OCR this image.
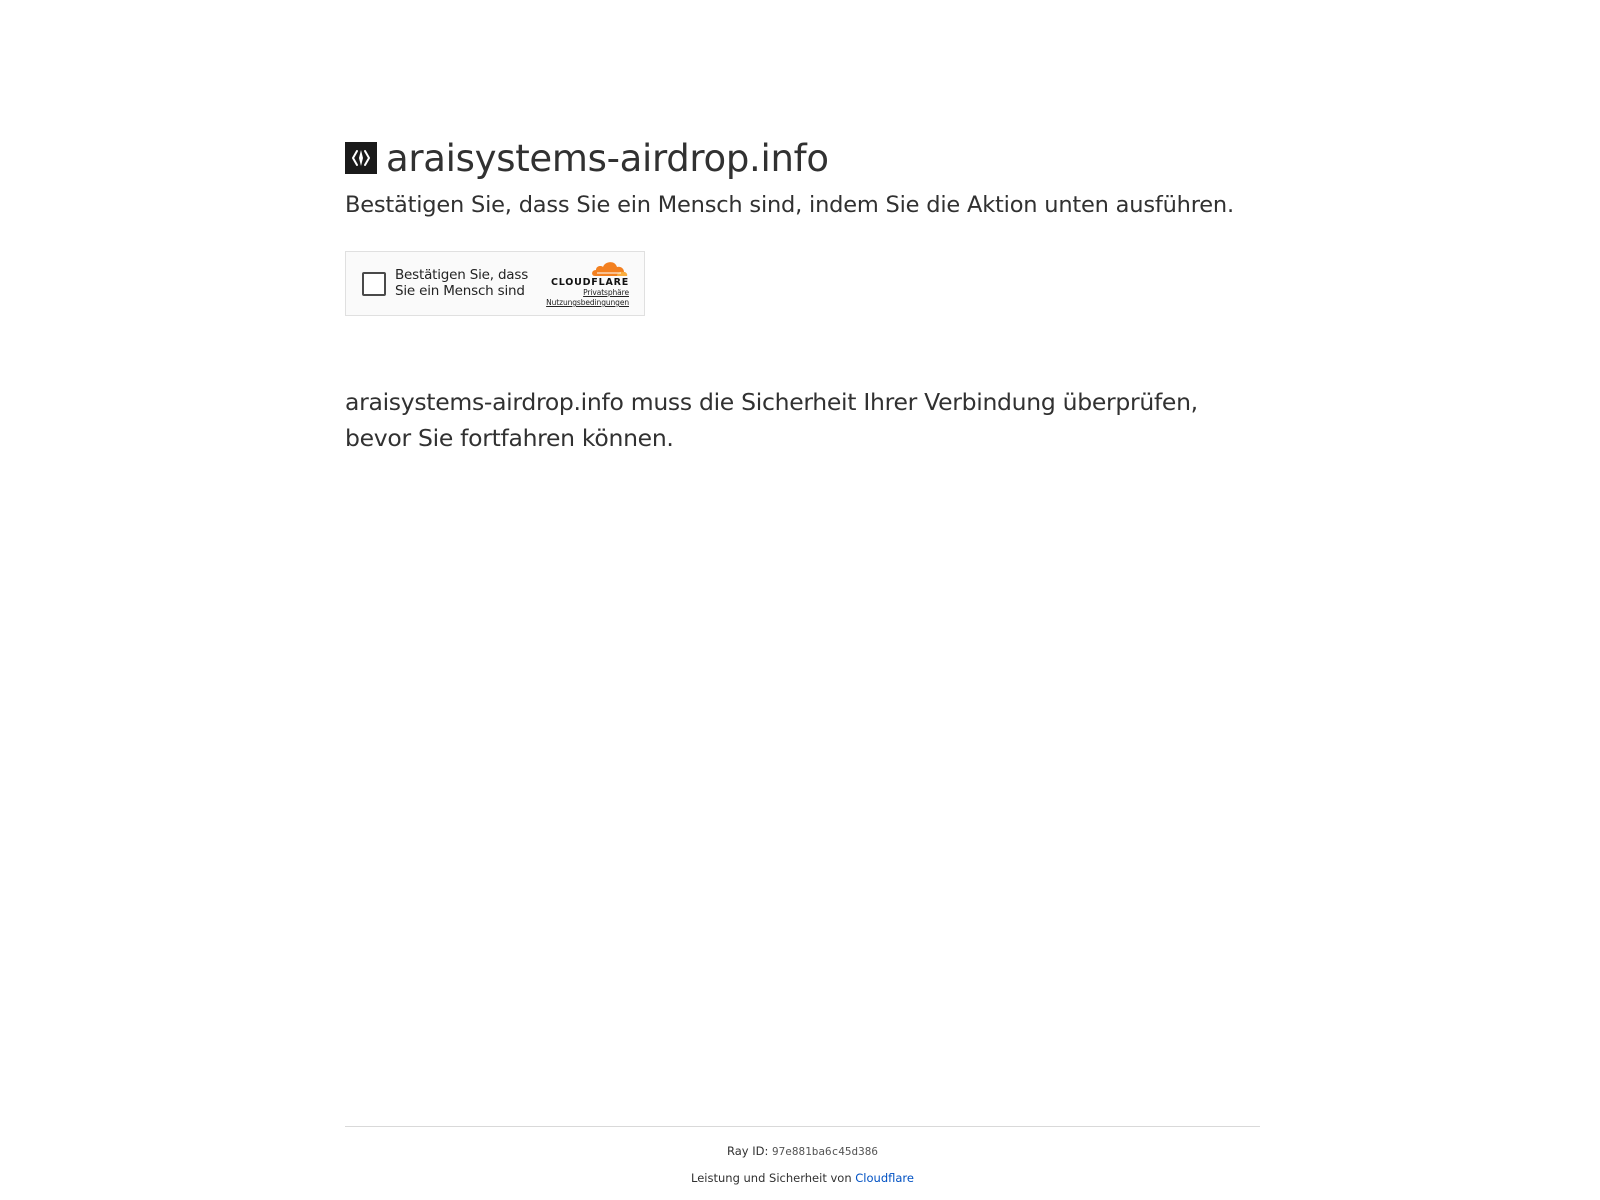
araisystems-airdrop.info
Bestätigen Sie, dass Sie ein Mensch sind, indem Sie die Aktion unten ausführen.
Bestätigen Sie, dass
Sie ein Mensch sind
CLOUDFLARE
Privatsphäre
Nutzungsbedingungen
araisystems-airdrop.info muss die Sicherheit Ihrer Verbindung überprüfen, bevor Sie fortfahren können.
Ray ID: 97e881ba6c45d386
Leistung und Sicherheit von Cloudflare
